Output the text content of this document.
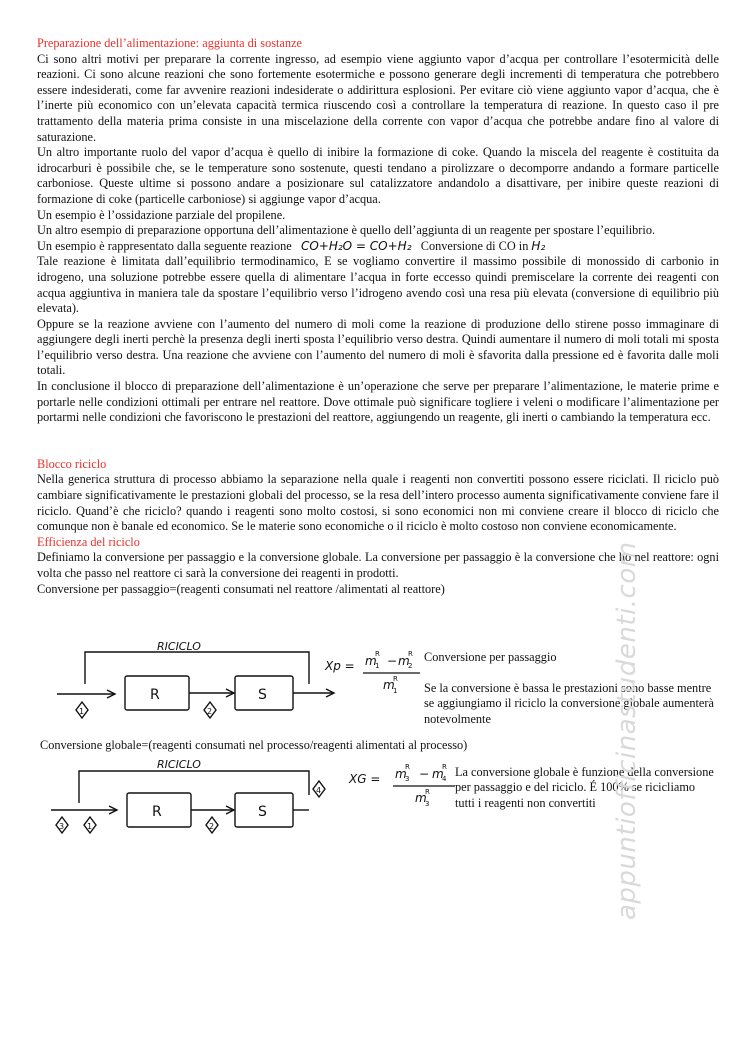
Preparazione dell’alimentazione: aggiunta di sostanze

Ci sono altri motivi per preparare la corrente ingresso, ad esempio viene aggiunto vapor d’acqua per controllare l’esotermicità delle reazioni. Ci sono alcune reazioni che sono fortemente esotermiche e possono generare degli incrementi di temperatura che potrebbero essere indesiderati, come far avvenire reazioni indesiderate o addirittura esplosioni. Per evitare ciò viene aggiunto vapor d’acqua, che è l’inerte più economico con un’elevata capacità termica riuscendo così a controllare la temperatura di reazione. In questo caso il pre trattamento della materia prima consiste in una miscelazione della corrente con vapor d’acqua che potrebbe andare fino al valore di saturazione.

Un altro importante ruolo del vapor d’acqua è quello di inibire la formazione di coke. Quando la miscela del reagente è costituita da idrocarburi è possibile che, se le temperature sono sostenute, questi tendano a pirolizzare o decomporre andando a formare particelle carboniose. Queste ultime si possono andare a posizionare sul catalizzatore andandolo a disattivare, per inibire queste reazioni di formazione di coke (particelle carboniose) si aggiunge vapor d’acqua.

Un esempio è l’ossidazione parziale del propilene.

Un altro esempio di preparazione opportuna dell’alimentazione è quello dell’aggiunta di un reagente per spostare l’equilibrio.

Un esempio è rappresentato dalla seguente reazione CO+H₂O = CO+H₂ Conversione di CO in H₂

Tale reazione è limitata dall’equilibrio termodinamico, E se vogliamo convertire il massimo possibile di monossido di carbonio in idrogeno, una soluzione potrebbe essere quella di alimentare l’acqua in forte eccesso quindi premiscelare la corrente dei reagenti con acqua aggiuntiva in maniera tale da spostare l’equilibrio verso l’idrogeno avendo così una resa più elevata (conversione di equilibrio più elevata).

Oppure se la reazione avviene con l’aumento del numero di moli come la reazione di produzione dello stirene posso immaginare di aggiungere degli inerti perchè la presenza degli inerti sposta l’equilibrio verso destra. Quindi aumentare il numero di moli totali mi sposta l’equilibrio verso destra. Una reazione che avviene con l’aumento del numero di moli è sfavorita dalla pressione ed è favorita dalle moli totali.

In conclusione il blocco di preparazione dell’alimentazione è un’operazione che serve per preparare l’alimentazione, le materie prime e portarle nelle condizioni ottimali per entrare nel reattore. Dove ottimale può significare togliere i veleni o modificare l’alimentazione per portarmi nelle condizioni che favoriscono le prestazioni del reattore, aggiungendo un reagente, gli inerti o cambiando la temperatura ecc.

Blocco riciclo

Nella generica struttura di processo abbiamo la separazione nella quale i reagenti non convertiti possono essere riciclati. Il riciclo può cambiare significativamente le prestazioni globali del processo, se la resa dell’intero processo aumenta significativamente conviene fare il riciclo. Quand’è che riciclo? quando i reagenti sono molto costosi, si sono economici non mi conviene creare il blocco di riciclo che comunque non è banale ed economico. Se le materie sono economiche o il riciclo è molto costoso non conviene economicamente.

Efficienza del riciclo

Definiamo la conversione per passaggio e la conversione globale. La conversione per passaggio è la conversione che ho nel reattore: ogni volta che passo nel reattore ci sarà la conversione dei reagenti in prodotti.

Conversione per passaggio=(reagenti consumati nel reattore /alimentati al reattore)

RICICLO
R	S
1	2
Xp = m
R
1 − m
R
2
m
R
1
Conversione per passaggio
Se la conversione è bassa le prestazioni sono basse mentre se aggiungiamo il riciclo la conversione globale aumenterà notevolmente
Conversione globale=(reagenti consumati nel processo/reagenti alimentati al processo)
RICICLO
R	S
3	1	2
4
XG = m
R
3 − m
R
4
m
R
3
La conversione globale è funzione della conversione per passaggio e del riciclo. É 100% se ricicliamo tutti i reagenti non convertiti appuntiofficinastudenti.com
